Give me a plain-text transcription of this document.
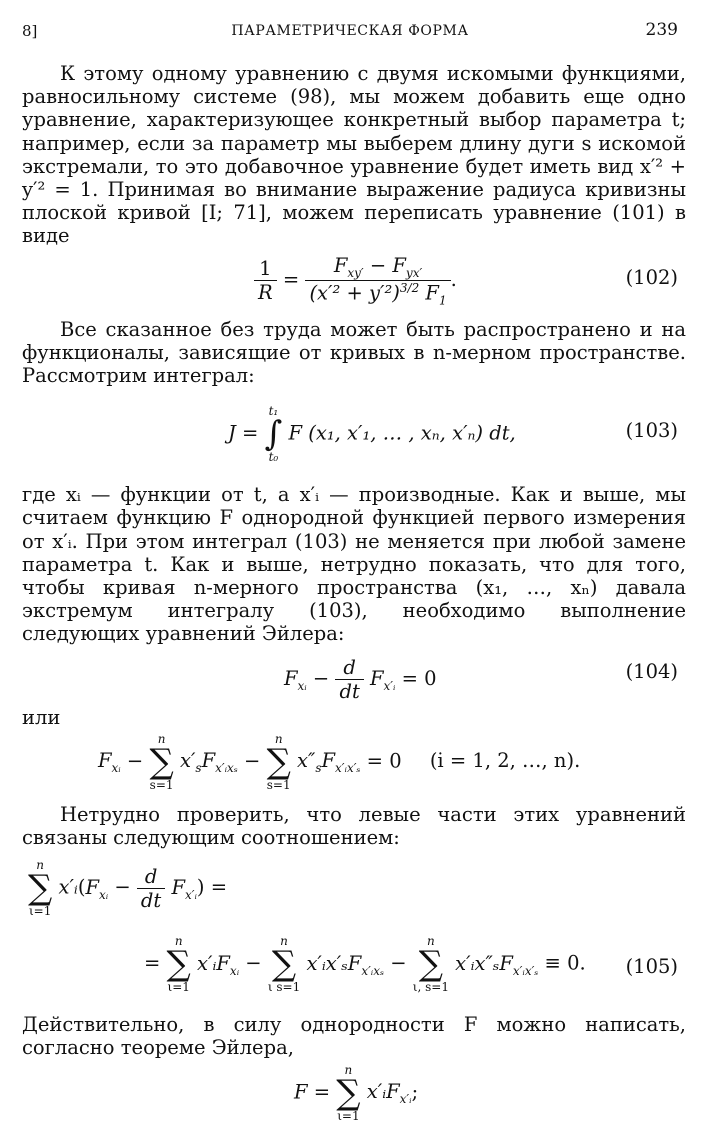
8]	ПАРАМЕТРИЧЕСКАЯ ФОРМА	239

К этому одному уравнению с двумя искомыми функциями, равносильному системе (98), мы можем добавить еще одно уравнение, характеризующее конкретный выбор параметра t; например, если за параметр мы выберем длину дуги s искомой экстремали, то это добавочное уравнение будет иметь вид x′² + y′² = 1. Принимая во внимание выражение радиуса кривизны плоской кривой [I; 71], можем переписать уравнение (101) в виде

$\frac{1}{R} = \frac{F_{xy'} - F_{yx'}}{(x'^2 + y'^2)^{3/2} F_1}$ .	(102)

Все сказанное без труда может быть распространено и на функционалы, зависящие от кривых в n-мерном пространстве. Рассмотрим интеграл:

J =
t₁
∫
t₀
F (x₁, x′₁, … , xₙ, x′ₙ) dt,	(103)

где xᵢ — функции от t, а x′ᵢ — производные. Как и выше, мы считаем функцию F однородной функцией первого измерения от x′ᵢ. При этом интеграл (103) не меняется при любой замене параметра t. Как и выше, нетрудно показать, что для того, чтобы кривая n-мерного пространства (x₁, …, xₙ) давала экстремум интегралу (103), необходимо выполнение следующих уравнений Эйлера:

$F_{xᵢ} - \frac{d}{dt} F_{x'ᵢ} = 0$	(104)

или

$F_{xᵢ}$ −
n
∑
s=1
$x'_sF_{x'ᵢx_s}$ −
n
∑
s=1
$x''_sF_{x'ᵢx'_s} = 0$ (i = 1, 2, …, n).

Нетрудно проверить, что левые части этих уравнений связаны следующим соотношением:

n
∑
ι=1
$x'ᵢ(F_{xᵢ} - \frac{d}{dt} F_{x'ᵢ})$ =
=
n
∑
ι=1
x′ᵢF$_{xᵢ}$ −
n
∑
ι s=1
x′ᵢx′ₛF$_{x'ᵢx_s}$ −
n
∑
ι, s=1
x′ᵢx″ₛF$_{x'ᵢx'_s}$ ≡ 0. (105)

Действительно, в силу однородности F можно написать, согласно теореме Эйлера,

F =
n
∑
ι=1
x′ᵢF$_{x'ᵢ}$;
